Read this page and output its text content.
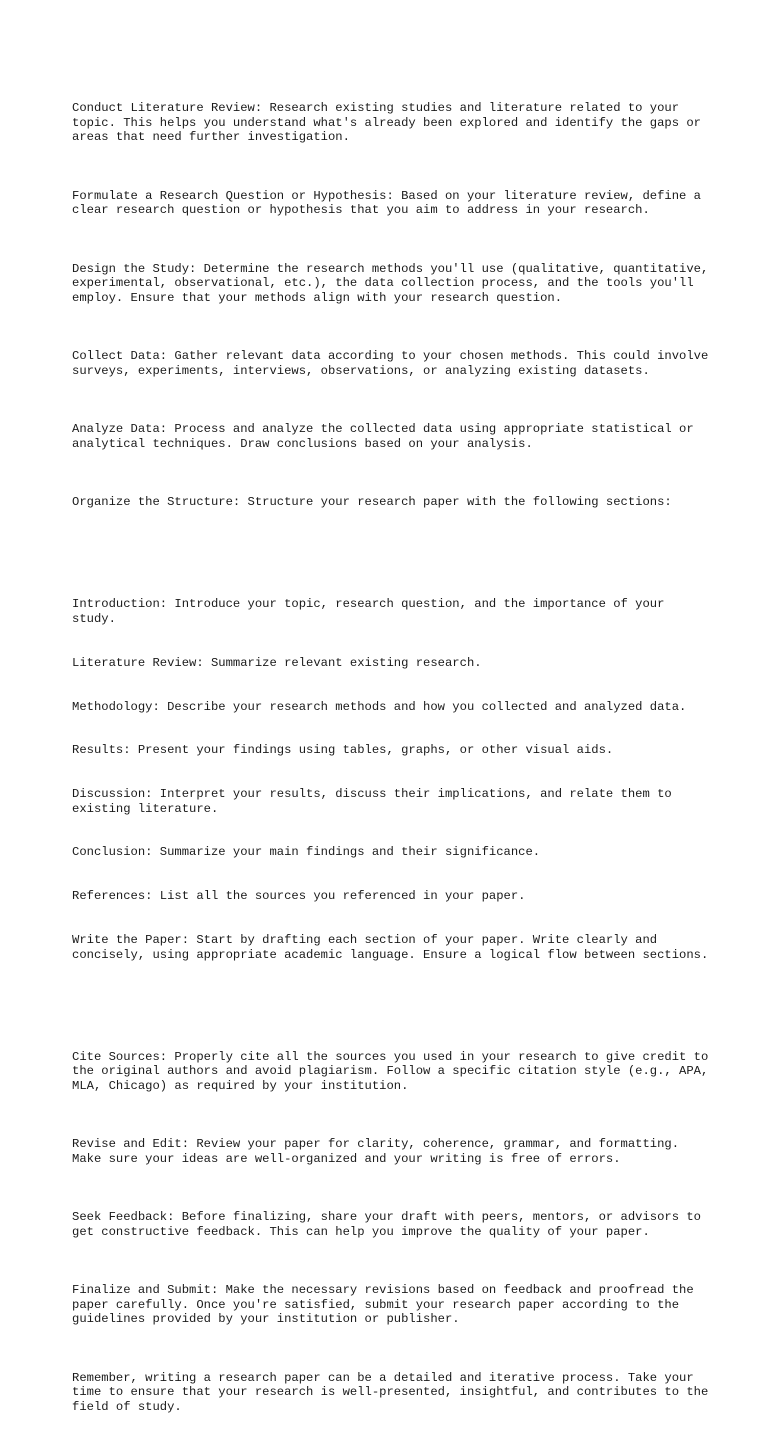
Conduct Literature Review: Research existing studies and literature related to your topic. This helps you understand what's already been explored and identify the gaps or areas that need further investigation.

Formulate a Research Question or Hypothesis: Based on your literature review, define a clear research question or hypothesis that you aim to address in your research.

Design the Study: Determine the research methods you'll use (qualitative, quantitative, experimental, observational, etc.), the data collection process, and the tools you'll employ. Ensure that your methods align with your research question.

Collect Data: Gather relevant data according to your chosen methods. This could involve surveys, experiments, interviews, observations, or analyzing existing datasets.

Analyze Data: Process and analyze the collected data using appropriate statistical or analytical techniques. Draw conclusions based on your analysis.

Organize the Structure: Structure your research paper with the following sections:

Introduction: Introduce your topic, research question, and the importance of your study.

Literature Review: Summarize relevant existing research.

Methodology: Describe your research methods and how you collected and analyzed data.

Results: Present your findings using tables, graphs, or other visual aids.

Discussion: Interpret your results, discuss their implications, and relate them to existing literature.

Conclusion: Summarize your main findings and their significance.

References: List all the sources you referenced in your paper.

Write the Paper: Start by drafting each section of your paper. Write clearly and concisely, using appropriate academic language. Ensure a logical flow between sections.

Cite Sources: Properly cite all the sources you used in your research to give credit to the original authors and avoid plagiarism. Follow a specific citation style (e.g., APA, MLA, Chicago) as required by your institution.

Revise and Edit: Review your paper for clarity, coherence, grammar, and formatting. Make sure your ideas are well-organized and your writing is free of errors.

Seek Feedback: Before finalizing, share your draft with peers, mentors, or advisors to get constructive feedback. This can help you improve the quality of your paper.

Finalize and Submit: Make the necessary revisions based on feedback and proofread the paper carefully. Once you're satisfied, submit your research paper according to the guidelines provided by your institution or publisher.

Remember, writing a research paper can be a detailed and iterative process. Take your time to ensure that your research is well-presented, insightful, and contributes to the field of study.
